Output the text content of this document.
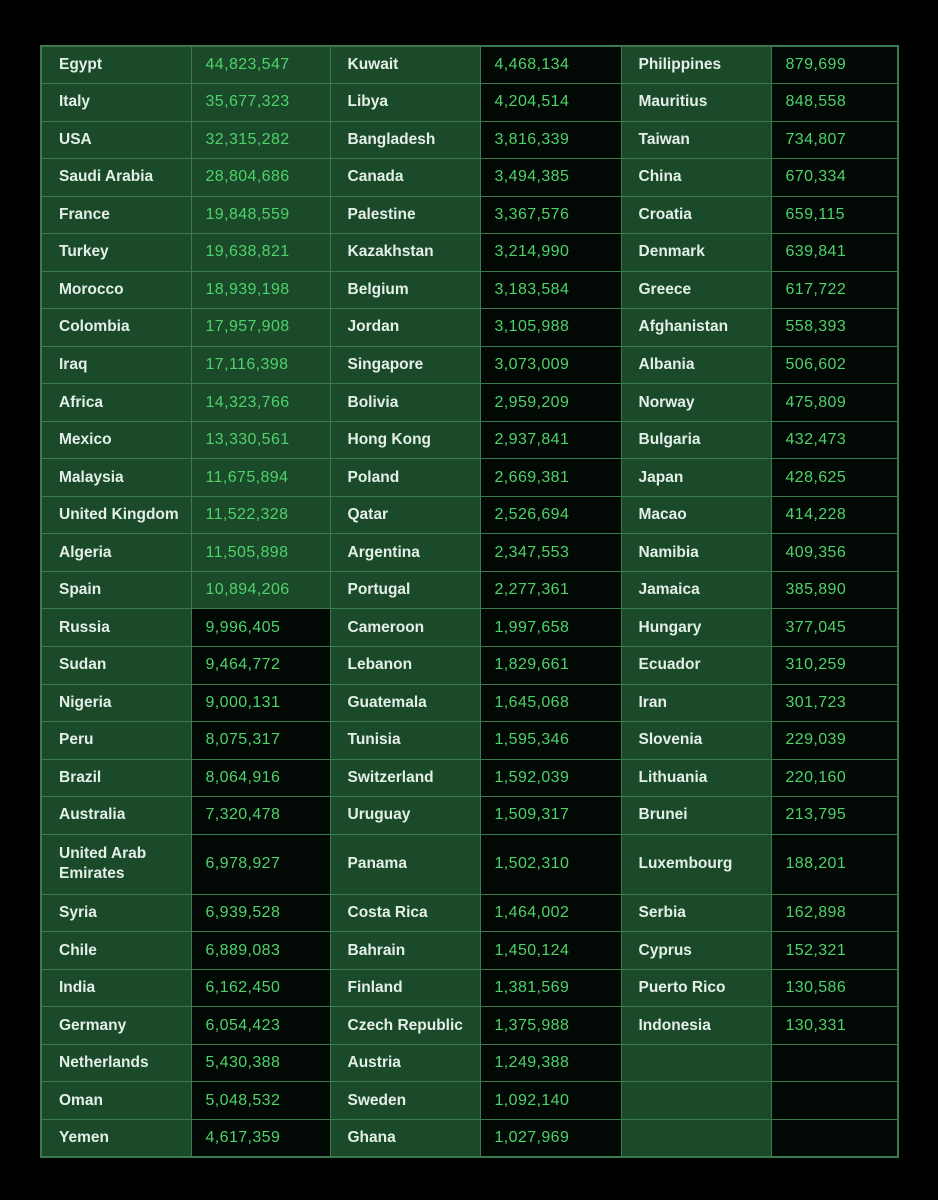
Egypt	44,823,547	Kuwait	4,468,134	Philippines	879,699
Italy	35,677,323	Libya	4,204,514	Mauritius	848,558
USA	32,315,282	Bangladesh	3,816,339	Taiwan	734,807
Saudi Arabia	28,804,686	Canada	3,494,385	China	670,334
France	19,848,559	Palestine	3,367,576	Croatia	659,115
Turkey	19,638,821	Kazakhstan	3,214,990	Denmark	639,841
Morocco	18,939,198	Belgium	3,183,584	Greece	617,722
Colombia	17,957,908	Jordan	3,105,988	Afghanistan	558,393
Iraq	17,116,398	Singapore	3,073,009	Albania	506,602
Africa	14,323,766	Bolivia	2,959,209	Norway	475,809
Mexico	13,330,561	Hong Kong	2,937,841	Bulgaria	432,473
Malaysia	11,675,894	Poland	2,669,381	Japan	428,625
United Kingdom	11,522,328	Qatar	2,526,694	Macao	414,228
Algeria	11,505,898	Argentina	2,347,553	Namibia	409,356
Spain	10,894,206	Portugal	2,277,361	Jamaica	385,890
Russia	9,996,405	Cameroon	1,997,658	Hungary	377,045
Sudan	9,464,772	Lebanon	1,829,661	Ecuador	310,259
Nigeria	9,000,131	Guatemala	1,645,068	Iran	301,723
Peru	8,075,317	Tunisia	1,595,346	Slovenia	229,039
Brazil	8,064,916	Switzerland	1,592,039	Lithuania	220,160
Australia	7,320,478	Uruguay	1,509,317	Brunei	213,795
United Arab Emirates	6,978,927	Panama	1,502,310	Luxembourg	188,201
Syria	6,939,528	Costa Rica	1,464,002	Serbia	162,898
Chile	6,889,083	Bahrain	1,450,124	Cyprus	152,321
India	6,162,450	Finland	1,381,569	Puerto Rico	130,586
Germany	6,054,423	Czech Republic	1,375,988	Indonesia	130,331
Netherlands	5,430,388	Austria	1,249,388		
Oman	5,048,532	Sweden	1,092,140		
Yemen	4,617,359	Ghana	1,027,969		
